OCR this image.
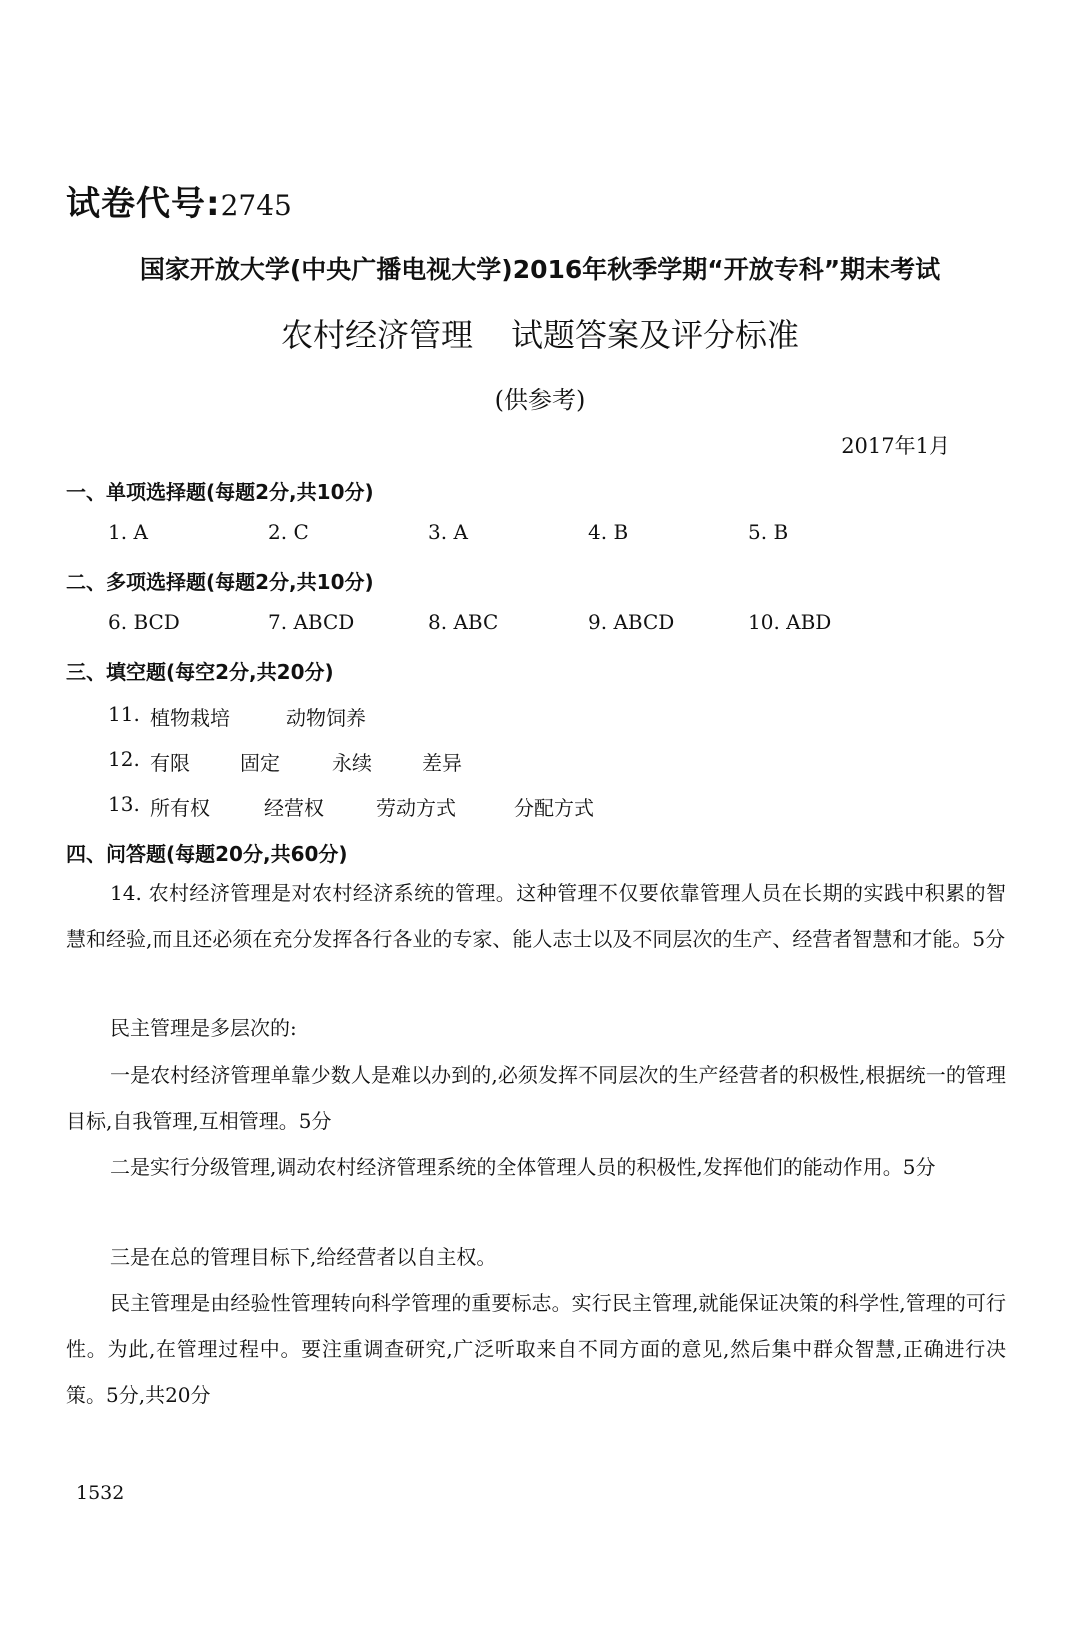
试卷代号:2745
国家开放大学(中央广播电视大学)2016年秋季学期“开放专科”期末考试
农村经济管理 试题答案及评分标准
(供参考)
2017年1月
一、单项选择题(每题2分,共10分)
1. A	2. C	3. A	4. B	5. B
二、多项选择题(每题2分,共10分)
6. BCD	7. ABCD	8. ABC	9. ABCD	10. ABD
三、填空题(每空2分,共20分)
11. 植物栽培	动物饲养
12. 有限	固定	永续	差异
13. 所有权	经营权	劳动方式	分配方式
四、问答题(每题20分,共60分)
14. 农村经济管理是对农村经济系统的管理。这种管理不仅要依靠管理人员在长期的实践中积累的智慧和经验,而且还必须在充分发挥各行各业的专家、能人志士以及不同层次的生产、经营者智慧和才能。5分
民主管理是多层次的:
一是农村经济管理单靠少数人是难以办到的,必须发挥不同层次的生产经营者的积极性,根据统一的管理目标,自我管理,互相管理。5分
二是实行分级管理,调动农村经济管理系统的全体管理人员的积极性,发挥他们的能动作用。5分
三是在总的管理目标下,给经营者以自主权。
民主管理是由经验性管理转向科学管理的重要标志。实行民主管理,就能保证决策的科学性,管理的可行性。为此,在管理过程中。要注重调查研究,广泛听取来自不同方面的意见,然后集中群众智慧,正确进行决策。5分,共20分
1532
